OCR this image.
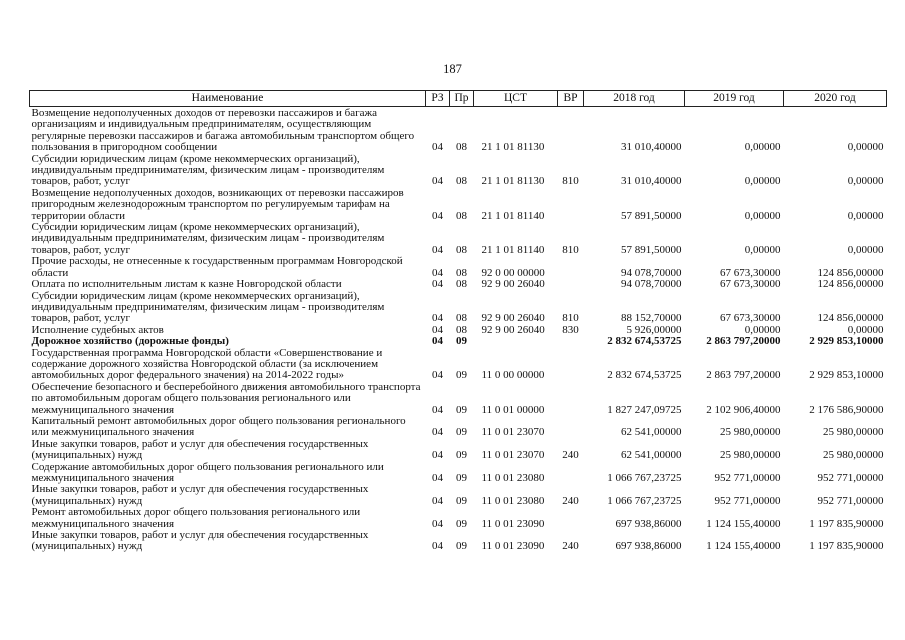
187
Наименование	РЗ	Пр	ЦСТ	ВР	2018 год	2019 год	2020 год
Возмещение недополученных доходов от перевозки пассажиров и багажа организациям и индивидуальным предпринимателям, осуществляющим регулярные перевозки пассажиров и багажа автомобильным транспортом общего пользования в пригородном сообщении	04	08	21 1 01 81130		31 010,40000	0,00000	0,00000
Субсидии юридическим лицам (кроме некоммерческих организаций), индивидуальным предпринимателям, физическим лицам - производителям товаров, работ, услуг	04	08	21 1 01 81130	810	31 010,40000	0,00000	0,00000
Возмещение недополученных доходов, возникающих от перевозки пассажиров пригородным железнодорожным транспортом по регулируемым тарифам на территории области	04	08	21 1 01 81140		57 891,50000	0,00000	0,00000
Субсидии юридическим лицам (кроме некоммерческих организаций), индивидуальным предпринимателям, физическим лицам - производителям товаров, работ, услуг	04	08	21 1 01 81140	810	57 891,50000	0,00000	0,00000
Прочие расходы, не отнесенные к государственным программам Новгородской области	04	08	92 0 00 00000		94 078,70000	67 673,30000	124 856,00000
Оплата по исполнительным листам к казне Новгородской области	04	08	92 9 00 26040		94 078,70000	67 673,30000	124 856,00000
Субсидии юридическим лицам (кроме некоммерческих организаций), индивидуальным предпринимателям, физическим лицам - производителям товаров, работ, услуг	04	08	92 9 00 26040	810	88 152,70000	67 673,30000	124 856,00000
Исполнение судебных актов	04	08	92 9 00 26040	830	5 926,00000	0,00000	0,00000
Дорожное хозяйство (дорожные фонды)	04	09			2 832 674,53725	2 863 797,20000	2 929 853,10000
Государственная программа Новгородской области «Совершенствование и содержание дорожного хозяйства Новгородской области (за исключением автомобильных дорог федерального значения) на 2014-2022 годы»	04	09	11 0 00 00000		2 832 674,53725	2 863 797,20000	2 929 853,10000
Обеспечение безопасного и бесперебойного движения автомобильного транспорта по автомобильным дорогам общего пользования регионального или межмуниципального значения	04	09	11 0 01 00000		1 827 247,09725	2 102 906,40000	2 176 586,90000
Капитальный ремонт автомобильных дорог общего пользования регионального или межмуниципального значения	04	09	11 0 01 23070		62 541,00000	25 980,00000	25 980,00000
Иные закупки товаров, работ и услуг для обеспечения государственных (муниципальных) нужд	04	09	11 0 01 23070	240	62 541,00000	25 980,00000	25 980,00000
Содержание автомобильных дорог общего пользования регионального или межмуниципального значения	04	09	11 0 01 23080		1 066 767,23725	952 771,00000	952 771,00000
Иные закупки товаров, работ и услуг для обеспечения государственных (муниципальных) нужд	04	09	11 0 01 23080	240	1 066 767,23725	952 771,00000	952 771,00000
Ремонт автомобильных дорог общего пользования регионального или межмуниципального значения	04	09	11 0 01 23090		697 938,86000	1 124 155,40000	1 197 835,90000
Иные закупки товаров, работ и услуг для обеспечения государственных (муниципальных) нужд	04	09	11 0 01 23090	240	697 938,86000	1 124 155,40000	1 197 835,90000
